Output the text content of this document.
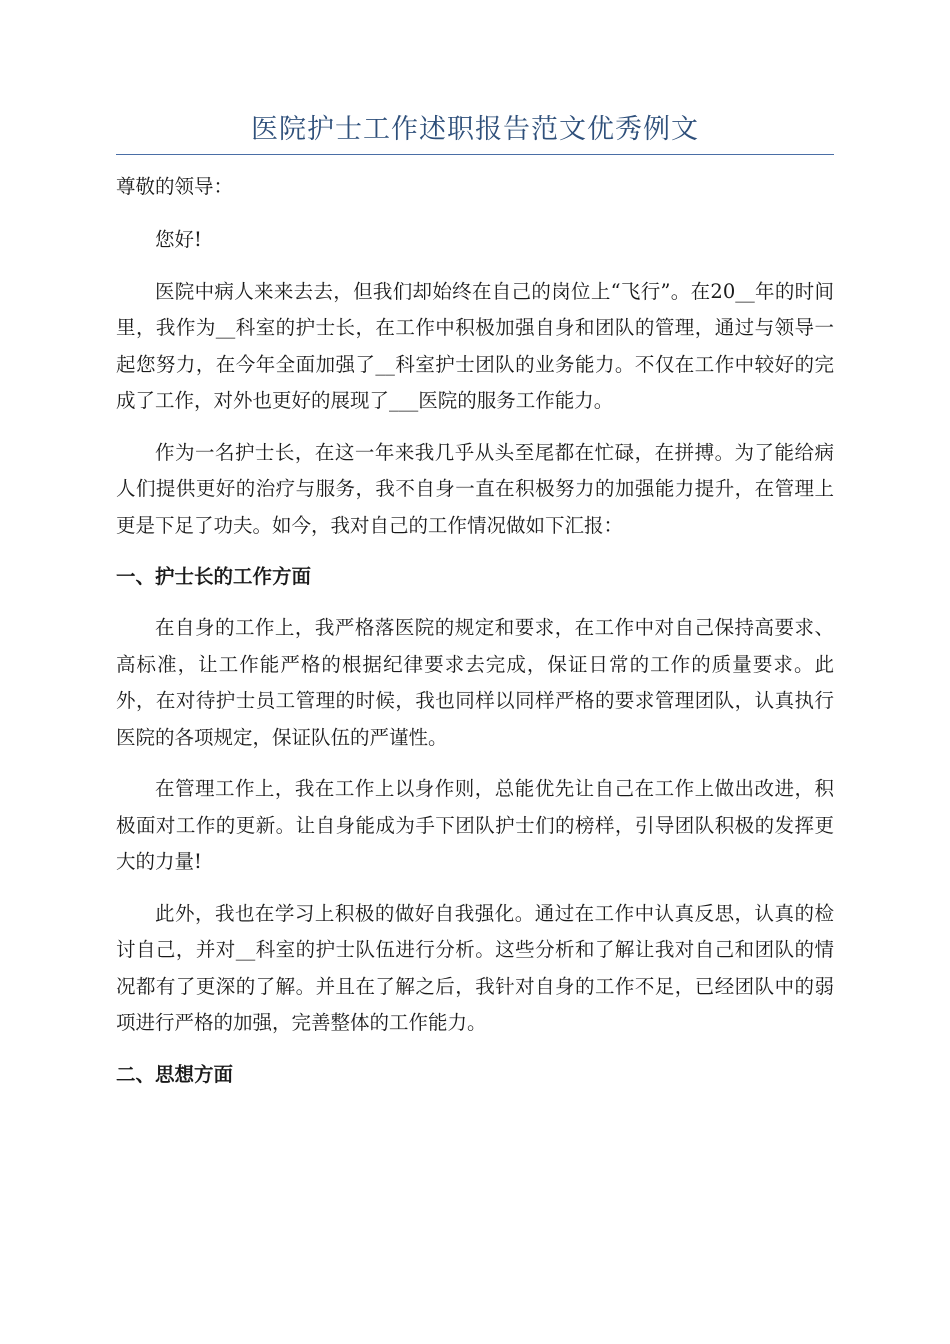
医院护士工作述职报告范文优秀例文

尊敬的领导：

您好!

医院中病人来来去去，但我们却始终在自己的岗位上“飞行”。在20__年的时间里，我作为__科室的护士长，在工作中积极加强自身和团队的管理，通过与领导一起您努力，在今年全面加强了__科室护士团队的业务能力。不仅在工作中较好的完成了工作，对外也更好的展现了___医院的服务工作能力。

作为一名护士长，在这一年来我几乎从头至尾都在忙碌，在拼搏。为了能给病人们提供更好的治疗与服务，我不自身一直在积极努力的加强能力提升，在管理上更是下足了功夫。如今，我对自己的工作情况做如下汇报：

一、护士长的工作方面

在自身的工作上，我严格落医院的规定和要求，在工作中对自己保持高要求、高标准，让工作能严格的根据纪律要求去完成，保证日常的工作的质量要求。此外，在对待护士员工管理的时候，我也同样以同样严格的要求管理团队，认真执行医院的各项规定，保证队伍的严谨性。

在管理工作上，我在工作上以身作则，总能优先让自己在工作上做出改进，积极面对工作的更新。让自身能成为手下团队护士们的榜样，引导团队积极的发挥更大的力量!

此外，我也在学习上积极的做好自我强化。通过在工作中认真反思，认真的检讨自己，并对__科室的护士队伍进行分析。这些分析和了解让我对自己和团队的情况都有了更深的了解。并且在了解之后，我针对自身的工作不足，已经团队中的弱项进行严格的加强，完善整体的工作能力。

二、思想方面
